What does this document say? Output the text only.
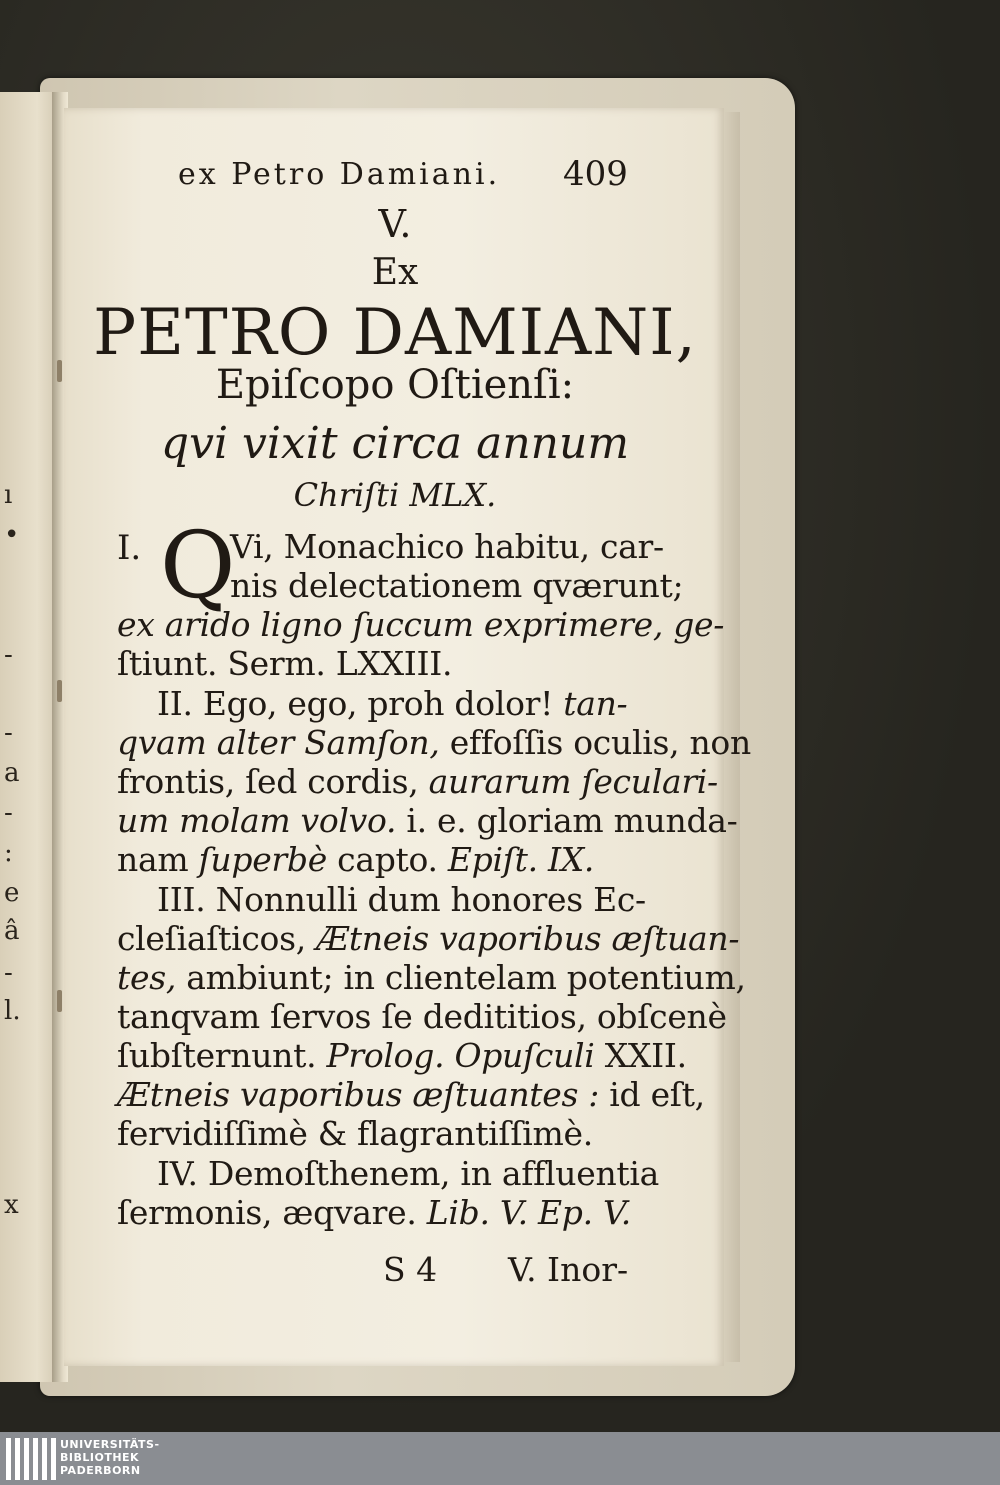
ı
•
-
-
a
-
:
e
â
-
l.
x
ex Petro Damiani. 409
V.
Ex
PETRO DAMIANI,
Epiſcopo Oſtienſi:
qvi vixit circa annum
Chriſti MLX.
I. Q
Vi, Monachico habitu, car-
nis delectationem qværunt;
ex arido ligno ſuccum exprimere, ge-
ſtiunt. Serm. LXXIII.
II. Ego, ego, proh dolor! tan-
qvam alter Samſon, effoſſis oculis, non
frontis, ſed cordis, aurarum ſeculari-
um molam volvo. i. e. gloriam munda-
nam ſuperbè capto. Epiſt. IX.
III. Nonnulli dum honores Ec-
cleſiaſticos, Ætneis vaporibus æſtuan-
tes, ambiunt; in clientelam potentium,
tanqvam ſervos ſe dedititios, obſcenè
ſubſternunt. Prolog. Opuſculi XXII.
Ætneis vaporibus æſtuantes : id eſt,
fervidiſſimè & flagrantiſſimè.
IV. Demoſthenem, in affluentia
ſermonis, æqvare. Lib. V. Ep. V.
S 4 V. Inor-
UNIVERSITÄTS-
BIBLIOTHEK
PADERBORN
